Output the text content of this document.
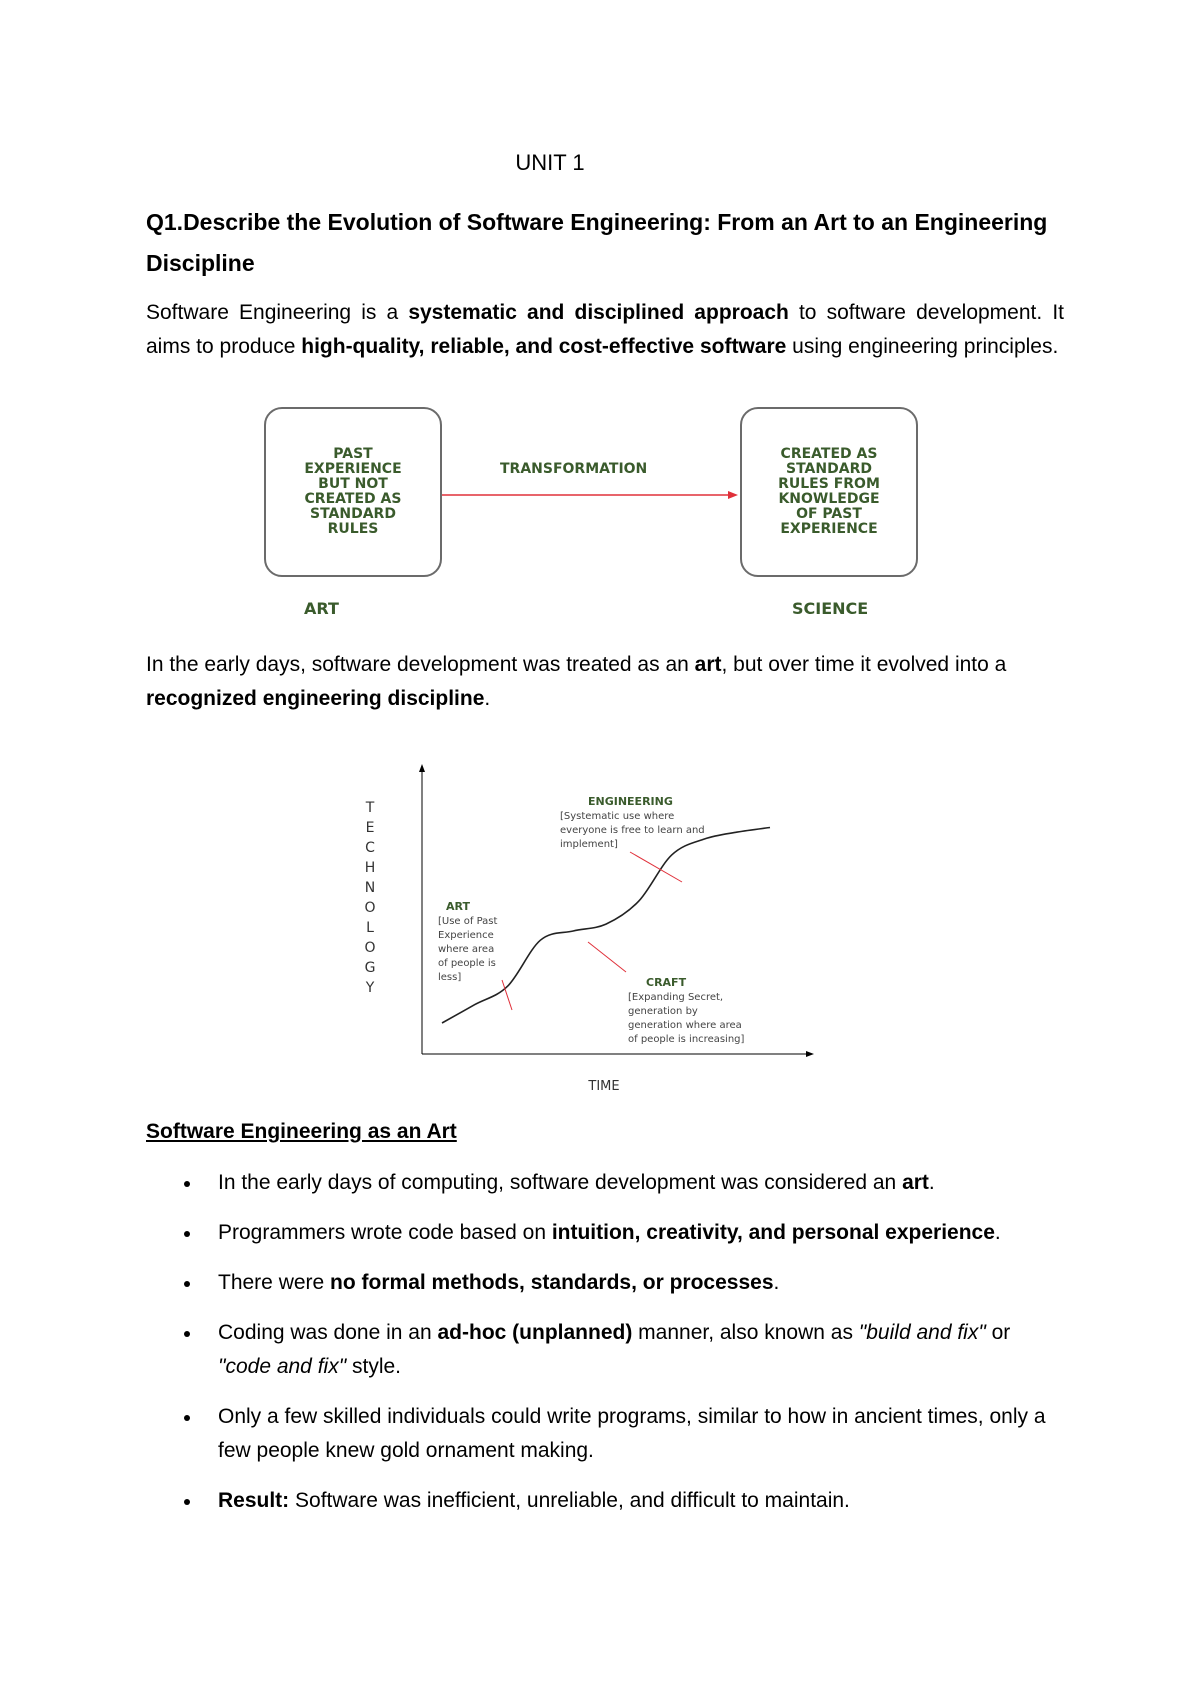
UNIT 1
Q1.Describe the Evolution of Software Engineering: From an Art to an Engineering Discipline
Software Engineering is a systematic and disciplined approach to software development. It aims to produce high-quality, reliable, and cost-effective software using engineering principles.
PAST
EXPERIENCE
BUT NOT
CREATED AS
STANDARD
RULES
CREATED AS
STANDARD
RULES FROM
KNOWLEDGE
OF PAST
EXPERIENCE
TRANSFORMATION
ART	SCIENCE
In the early days, software development was treated as an art, but over time it evolved into a recognized engineering discipline.
T
E
C
H
N
O
L
O
G
Y
TIME
ENGINEERING
[Systematic use where
everyone is free to learn and
implement]
ART
[Use of Past
Experience
where area
of people is
less]	CRAFT
[Expanding Secret,
generation by
generation where area
of people is increasing]
Software Engineering as an Art
In the early days of computing, software development was considered an art.
Programmers wrote code based on intuition, creativity, and personal experience.
There were no formal methods, standards, or processes.
Coding was done in an ad-hoc (unplanned) manner, also known as "build and fix" or "code and fix" style.
Only a few skilled individuals could write programs, similar to how in ancient times, only a few people knew gold ornament making.
Result: Software was inefficient, unreliable, and difficult to maintain.
